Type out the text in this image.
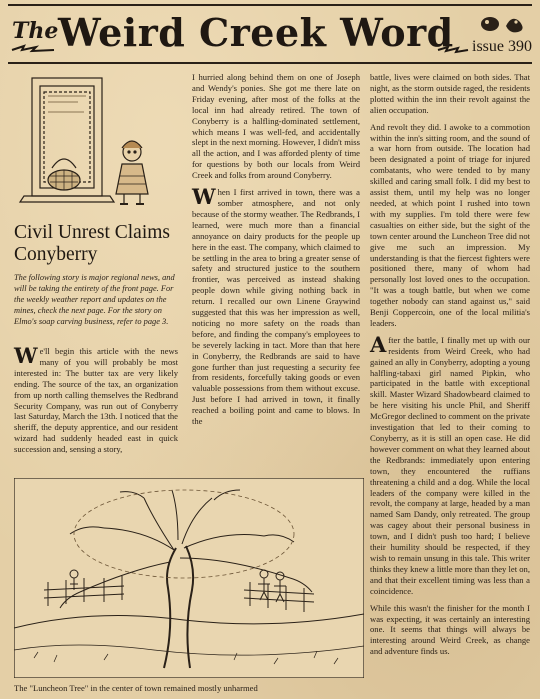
The Weird Creek Word issue 390
Civil Unrest Claims Conyberry
The following story is major regional news, and will be taking the entirety of the front page. For the weekly weather report and updates on the mines, check the next page. For the story on Elmo's soap carving business, refer to page 3.

We'll begin this article with the news many of you will probably be most interested in: The butter tax are very likely ending. The source of the tax, an organization from up north calling themselves the Redbrand Security Company, was run out of Conyberry last Saturday, March the 13th. I noticed that the sheriff, the deputy apprentice, and our resident wizard had suddenly headed east in quick succession and, sensing a story,

I hurried along behind them on one of Joseph and Wendy's ponies. She got me there late on Friday evening, after most of the folks at the local inn had already retired. The town of Conyberry is a halfling-dominated settlement, which means I was well-fed, and accidentally slept in the next morning. However, I didn't miss all the action, and I was afforded plenty of time for questions by both our locals from Weird Creek and folks from around Conyberry.

When I first arrived in town, there was a somber atmosphere, and not only because of the stormy weather. The Redbrands, I learned, were much more than a financial annoyance on dairy products for the people up here in the east. The company, which claimed to be settling in the area to bring a greater sense of safety and structured justice to the southern frontier, was perceived as instead shaking people down while giving nothing back in return. I recalled our own Linene Graywind suggested that this was her impression as well, noticing no more safety on the roads than before, and finding the company's employees to be severely lacking in tact. More than that here in Conyberry, the Redbrands are said to have gone further than just requesting a security fee from residents, forcefully taking goods or even valuable possessions from them without excuse. Just before I had arrived in town, it finally reached a boiling point and came to blows. In the

battle, lives were claimed on both sides. That night, as the storm outside raged, the residents plotted within the inn their revolt against the alien occupation.

And revolt they did. I awoke to a commotion within the inn's sitting room, and the sound of a war horn from outside. The location had been designated a point of triage for injured combatants, who were tended to by many skilled and caring small folk. I did my best to assist them, until my help was no longer needed, at which point I rushed into town with my supplies. I'm told there were few casualties on either side, but the sight of the town center around the Luncheon Tree did not give me such an impression. My understanding is that the fiercest fighters were positioned there, many of whom had personally lost loved ones to the occupation. "It was a tough battle, but when we come together nobody can stand against us," said Benji Coppercoin, one of the local militia's leaders.

After the battle, I finally met up with our residents from Weird Creek, who had gained an ally in Conyberry, adopting a young halfling-tabaxi girl named Pipkin, who participated in the battle with exceptional skill. Master Wizard Shadowbeard claimed to be here visiting his uncle Phil, and Sheriff McGregor declined to comment on the private investigation that led to their coming to Conyberry, as it is still an open case. He did however comment on what they learned about the Redbrands: immediately upon entering town, they encountered the ruffians threatening a child and a dog. While the local leaders of the company were killed in the revolt, the company at large, headed by a man named Sam Dandy, only retreated. The group was cagey about their personal business in town, and I didn't push too hard; I believe their humility should be respected, if they wish to remain unsung in this tale. This writer thinks they knew a little more than they let on, and that their excellent timing was less than a coincidence.

While this wasn't the finisher for the month I was expecting, it was certainly an interesting one. It seems that things will always be interesting around Weird Creek, as change and adventure finds us.

The "Luncheon Tree" in the center of town remained mostly unharmed
